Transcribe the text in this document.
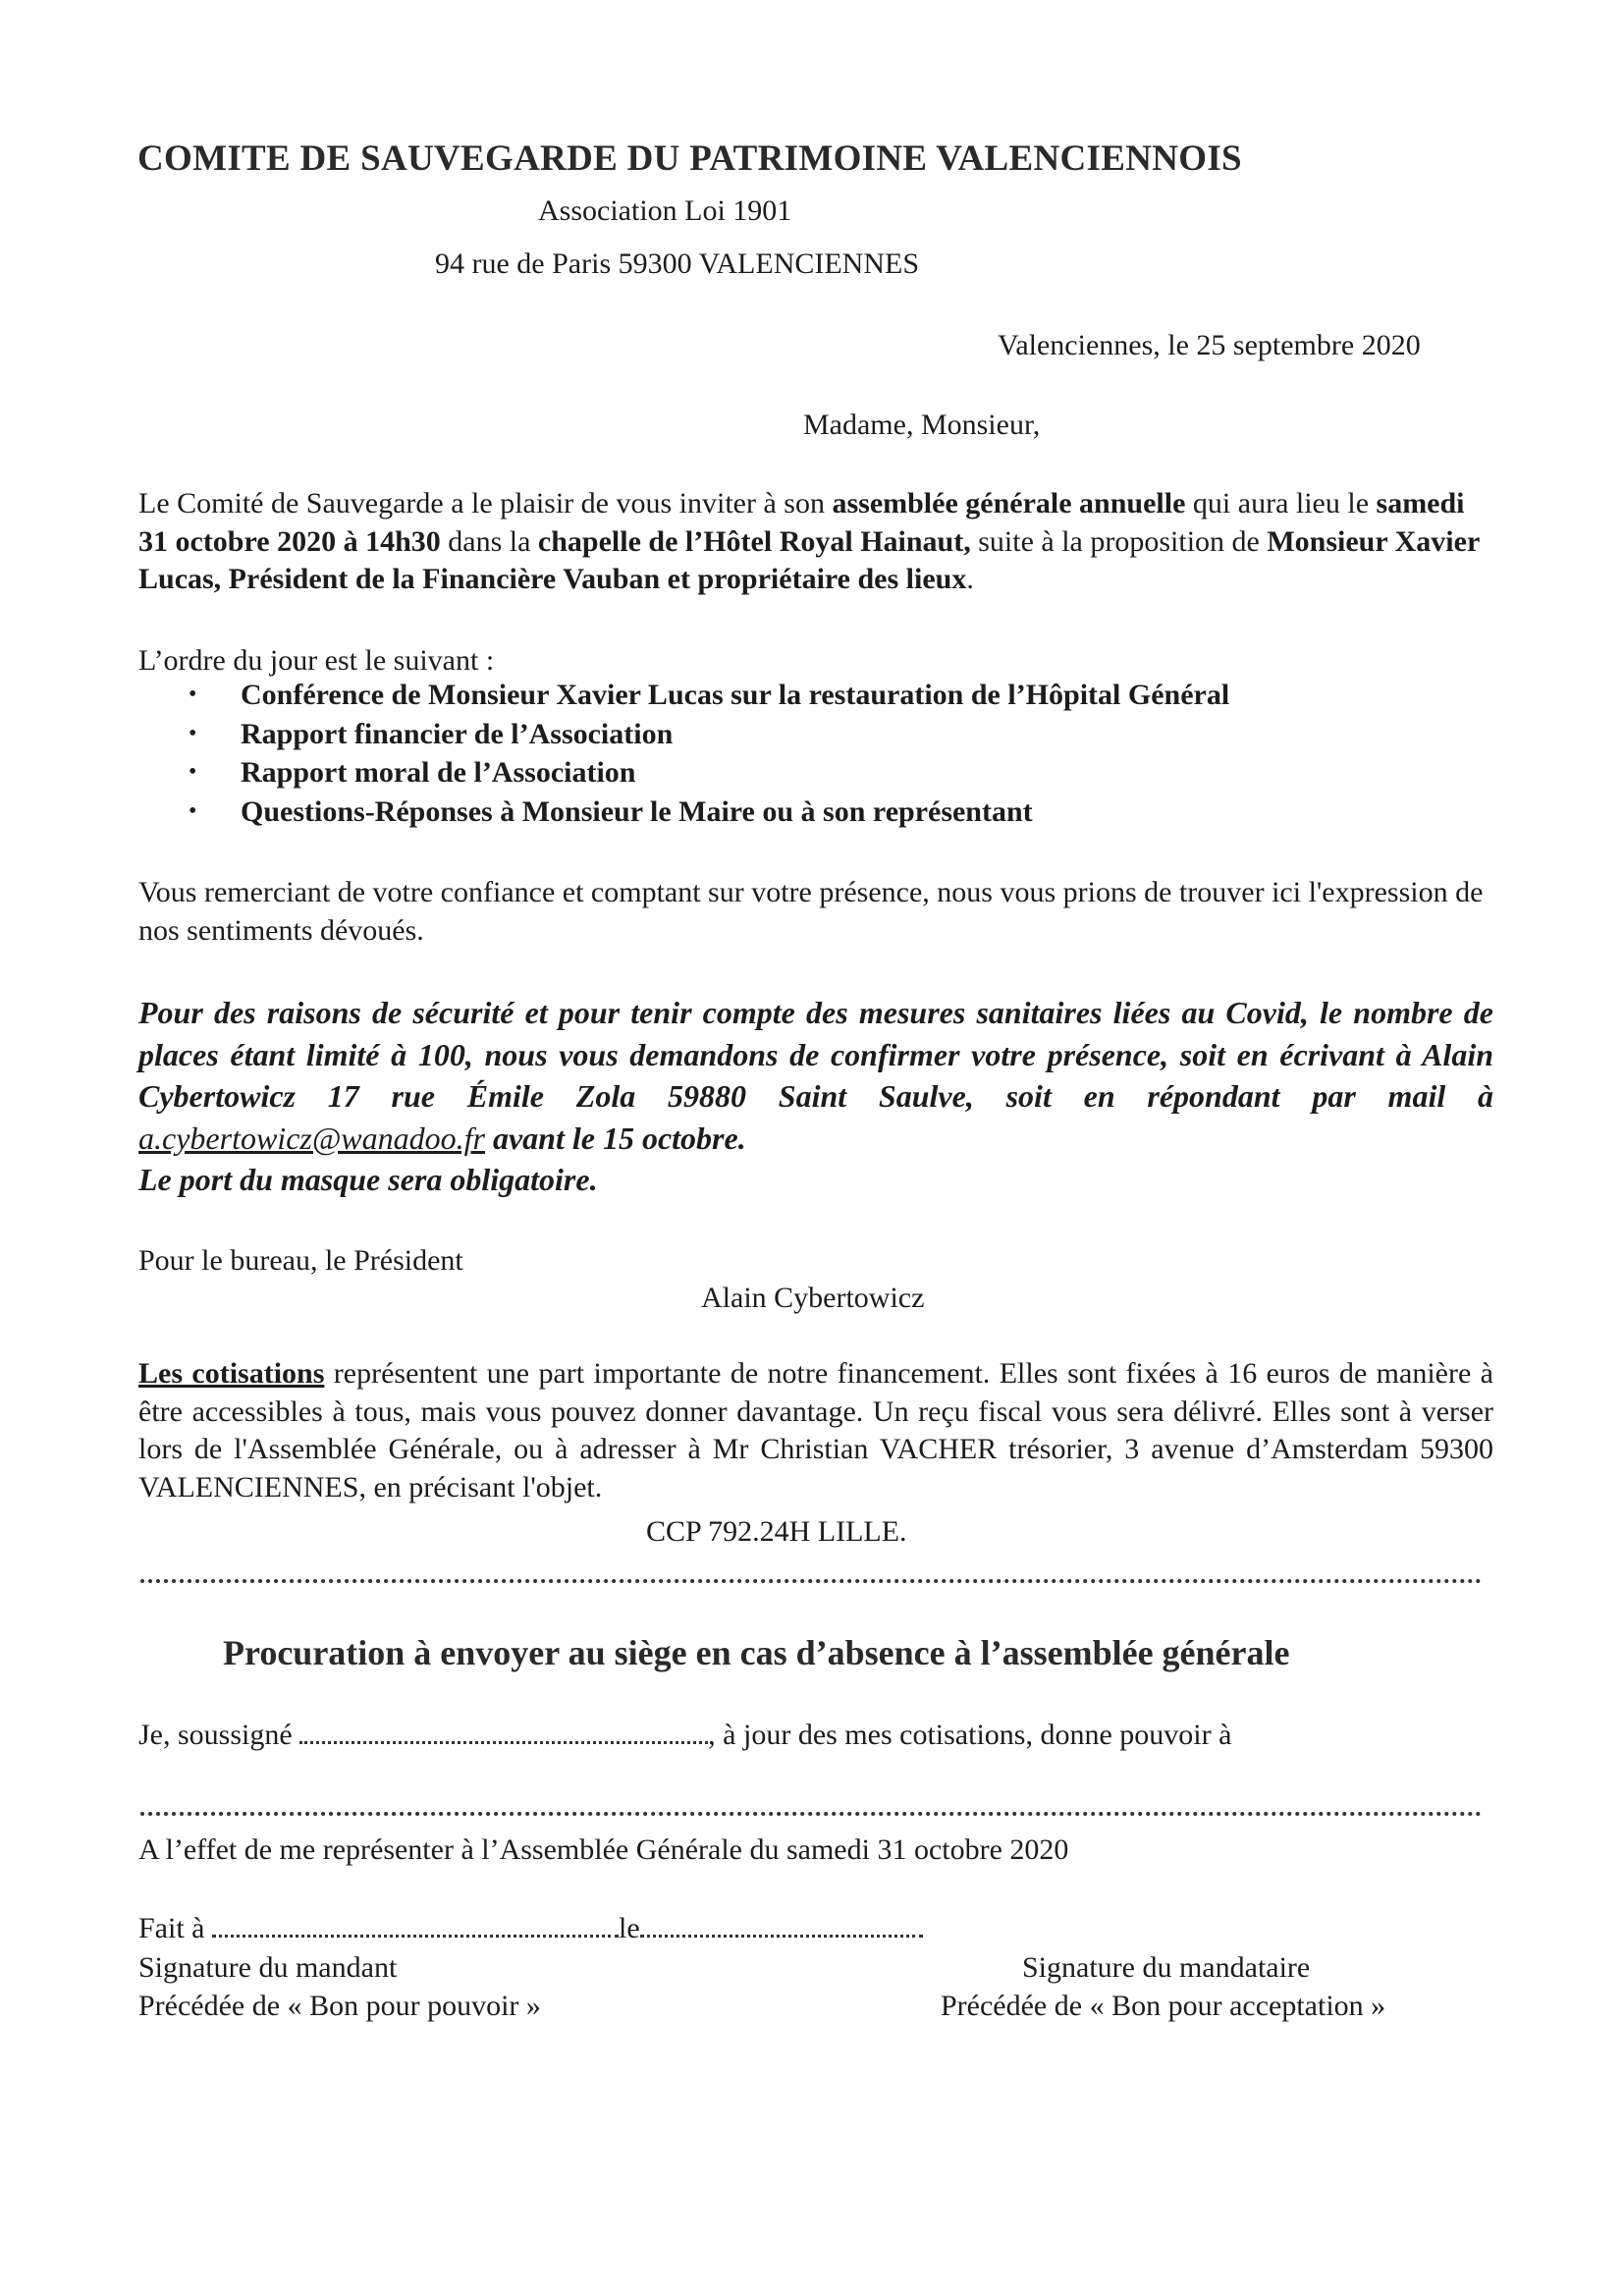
COMITE DE SAUVEGARDE DU PATRIMOINE VALENCIENNOIS
Association Loi 1901
94 rue de Paris 59300 VALENCIENNES
Valenciennes, le 25 septembre 2020
Madame, Monsieur,
Le Comité de Sauvegarde a le plaisir de vous inviter à son assemblée générale annuelle qui aura lieu le samedi 31 octobre 2020 à 14h30 dans la chapelle de l’Hôtel Royal Hainaut, suite à la proposition de Monsieur Xavier Lucas, Président de la Financière Vauban et propriétaire des lieux.
L’ordre du jour est le suivant :
• Conférence de Monsieur Xavier Lucas sur la restauration de l’Hôpital Général
• Rapport financier de l’Association
• Rapport moral de l’Association
• Questions-Réponses à Monsieur le Maire ou à son représentant
Vous remerciant de votre confiance et comptant sur votre présence, nous vous prions de trouver ici l'expression de nos sentiments dévoués.
Pour des raisons de sécurité et pour tenir compte des mesures sanitaires liées au Covid, le nombre de places étant limité à 100, nous vous demandons de confirmer votre présence, soit en écrivant à Alain Cybertowicz 17 rue Émile Zola 59880 Saint Saulve, soit en répondant par mail à a.cybertowicz@wanadoo.fr avant le 15 octobre.
Le port du masque sera obligatoire.
Pour le bureau, le Président
Alain Cybertowicz
Les cotisations représentent une part importante de notre financement. Elles sont fixées à 16 euros de manière à être accessibles à tous, mais vous pouvez donner davantage. Un reçu fiscal vous sera délivré. Elles sont à verser lors de l'Assemblée Générale, ou à adresser à Mr Christian VACHER trésorier, 3 avenue d’Amsterdam 59300 VALENCIENNES, en précisant l'objet.
CCP 792.24H LILLE.
Procuration à envoyer au siège en cas d’absence à l’assemblée générale
Je, soussigné	, à jour des mes cotisations, donne pouvoir à
A l’effet de me représenter à l’Assemblée Générale du samedi 31 octobre 2020
Fait à	le
Signature du mandant
Précédée de « Bon pour pouvoir »
Signature du mandataire
Précédée de « Bon pour acceptation »
